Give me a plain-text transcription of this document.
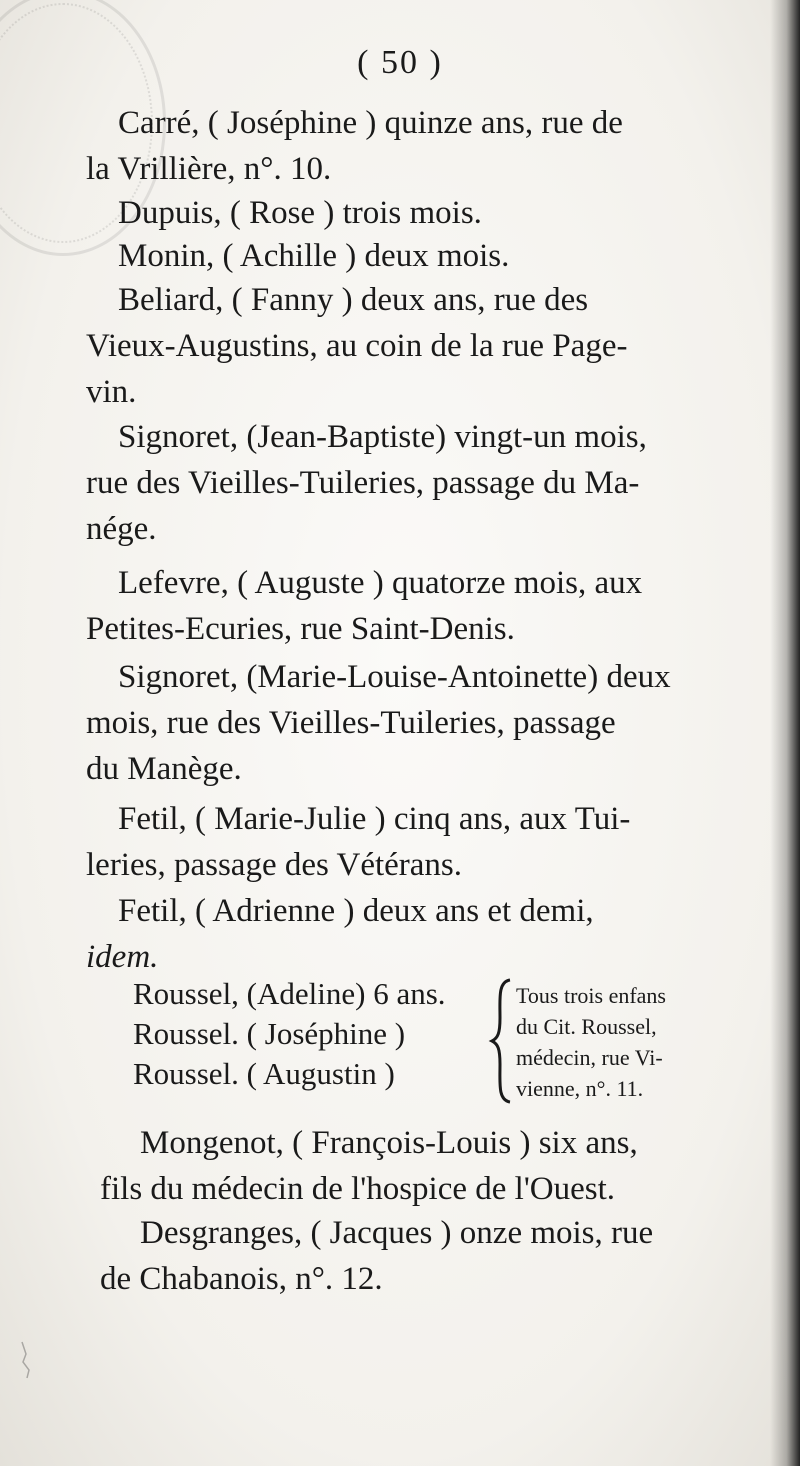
( 50 )
Carré, ( Joséphine ) quinze ans, rue de
la Vrillière, n°. 10.
Dupuis, ( Rose ) trois mois.
Monin, ( Achille ) deux mois.
Beliard, ( Fanny ) deux ans, rue des
Vieux-Augustins, au coin de la rue Page-
vin.
Signoret, (Jean-Baptiste) vingt-un mois,
rue des Vieilles-Tuileries, passage du Ma-
nége.
Lefevre, ( Auguste ) quatorze mois, aux
Petites-Ecuries, rue Saint-Denis.
Signoret, (Marie-Louise-Antoinette) deux
mois, rue des Vieilles-Tuileries, passage
du Manège.
Fetil, ( Marie-Julie ) cinq ans, aux Tui-
leries, passage des Vétérans.
Fetil, ( Adrienne ) deux ans et demi,
idem.
Roussel, (Adeline) 6 ans.
Roussel. ( Joséphine )
Roussel. ( Augustin )
Tous trois enfans
du Cit. Roussel,
médecin, rue Vi-
vienne, n°. 11.
Mongenot, ( François-Louis ) six ans,
fils du médecin de l'hospice de l'Ouest.
Desgranges, ( Jacques ) onze mois, rue
de Chabanois, n°. 12.
